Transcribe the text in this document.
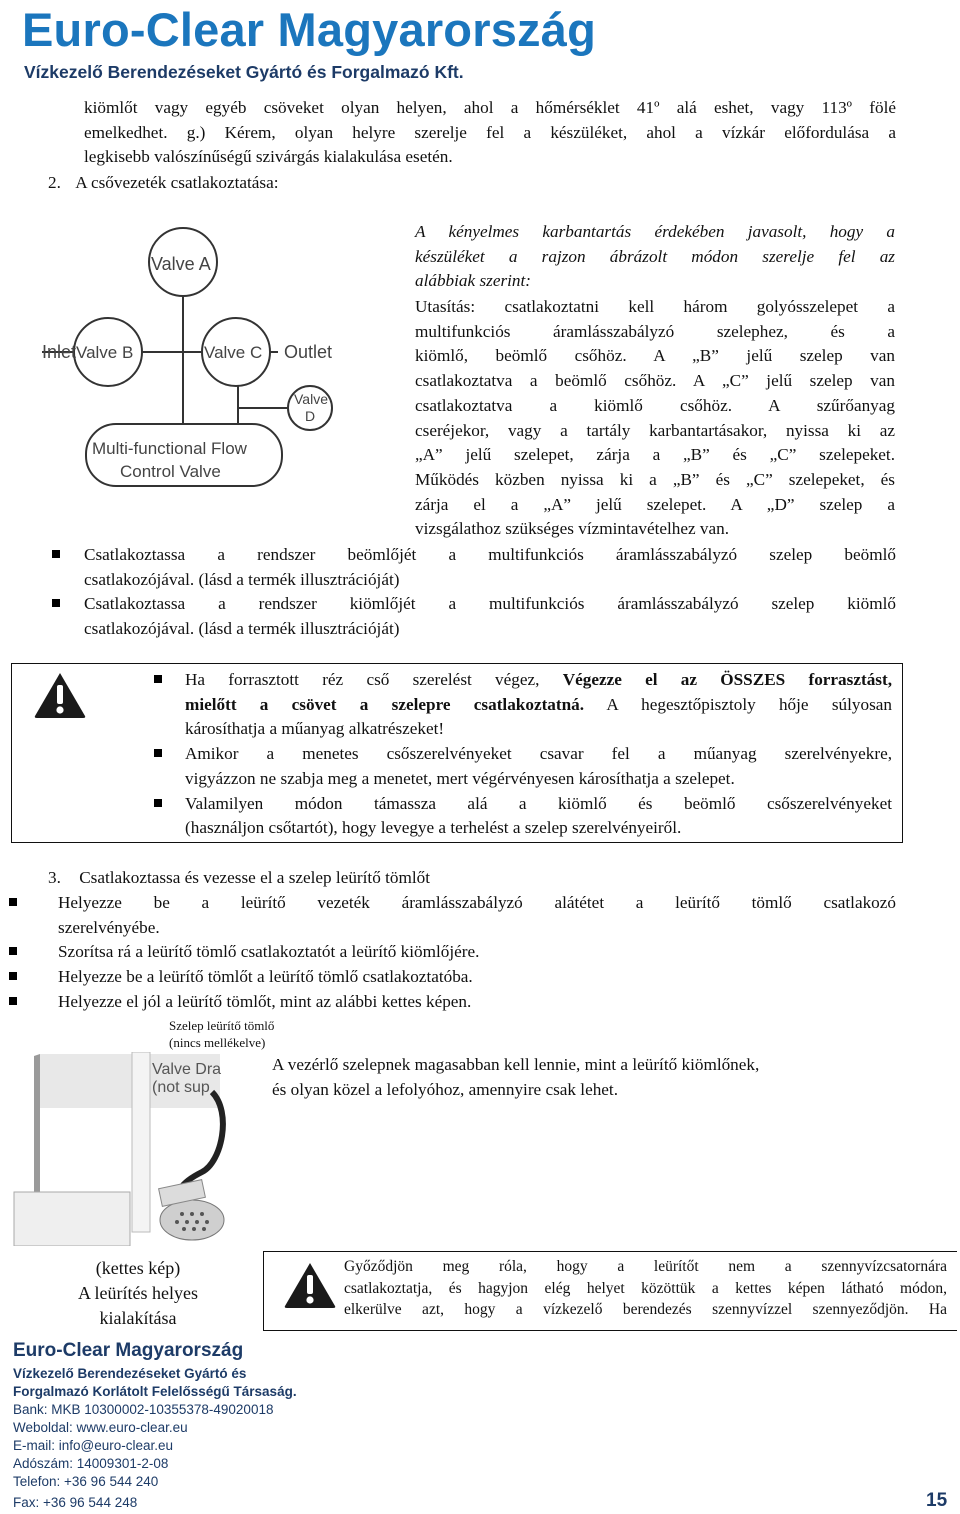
Euro-Clear Magyarország
Vízkezelő Berendezéseket Gyártó és Forgalmazó Kft.
kiömlőt vagy egyéb csöveket olyan helyen, ahol a hőmérséklet 41º alá eshet, vagy 113º fölé
emelkedhet. g.) Kérem, olyan helyre szerelje fel a készüléket, ahol a vízkár előfordulása a
legkisebb valószínűségű szivárgás kialakulása esetén.
2. A csővezeték csatlakoztatása:
Valve A
Inlet Valve B	Valve C Outlet
Valve
D
Multi-functional Flow
Control Valve
A kényelmes karbantartás érdekében javasolt, hogy a
készüléket a rajzon ábrázolt módon szerelje fel az
alábbiak szerint:
Utasítás: csatlakoztatni kell három golyósszelepet a
multifunkciós áramlásszabályzó szelephez, és a
kiömlő, beömlő csőhöz. A „B” jelű szelep van
csatlakoztatva a beömlő csőhöz. A „C” jelű szelep van
csatlakoztatva a kiömlő csőhöz. A szűrőanyag
cseréjekor, vagy a tartály karbantartásakor, nyissa ki az
„A” jelű szelepet, zárja a „B” és „C” szelepeket.
Működés közben nyissa ki a „B” és „C” szelepeket, és
zárja el a „A” jelű szelepet. A „D” szelep a
vizsgálathoz szükséges vízmintavételhez van.
Csatlakoztassa a rendszer beömlőjét a multifunkciós áramlásszabályzó szelep beömlő
csatlakozójával. (lásd a termék illusztrációját)
Csatlakoztassa a rendszer kiömlőjét a multifunkciós áramlásszabályzó szelep kiömlő
csatlakozójával. (lásd a termék illusztrációját)
Ha forrasztott réz cső szerelést végez, Végezze el az ÖSSZES forrasztást,
mielőtt a csövet a szelepre csatlakoztatná. A hegesztőpisztoly hője súlyosan
károsíthatja a műanyag alkatrészeket!
Amikor a menetes csőszerelvényeket csavar fel a műanyag szerelvényekre,
vigyázzon ne szabja meg a menetet, mert végérvényesen károsíthatja a szelepet.
Valamilyen módon támassza alá a kiömlő és beömlő csőszerelvényeket
(használjon csőtartót), hogy levegye a terhelést a szelep szerelvényeiről.
3. Csatlakoztassa és vezesse el a szelep leürítő tömlőt
Helyezze be a leürítő vezeték áramlásszabályzó alátétet a leürítő tömlő csatlakozó
szerelvényébe.
Szorítsa rá a leürítő tömlő csatlakoztatót a leürítő kiömlőjére.
Helyezze be a leürítő tömlőt a leürítő tömlő csatlakoztatóba.
Helyezze el jól a leürítő tömlőt, mint az alábbi kettes képen.
Szelep leürítő tömlő
(nincs mellékelve)
Valve Dra
(not sup
A vezérlő szelepnek magasabban kell lennie, mint a leürítő kiömlőnek,
és olyan közel a lefolyóhoz, amennyire csak lehet.
(kettes kép)
A leürítés helyes
kialakítása
Győződjön meg róla, hogy a leürítőt nem a szennyvízcsatornára
csatlakoztatja, és hagyjon elég helyet közöttük a kettes képen látható módon,
elkerülve azt, hogy a vízkezelő berendezés szennyvízzel szennyeződjön. Ha
Euro-Clear Magyarország
Vízkezelő Berendezéseket Gyártó és
Forgalmazó Korlátolt Felelősségű Társaság.
Bank: MKB 10300002-10355378-49020018
Weboldal: www.euro-clear.eu
E-mail: info@euro-clear.eu
Adószám: 14009301-2-08
Telefon: +36 96 544 240
Fax: +36 96 544 248	15
